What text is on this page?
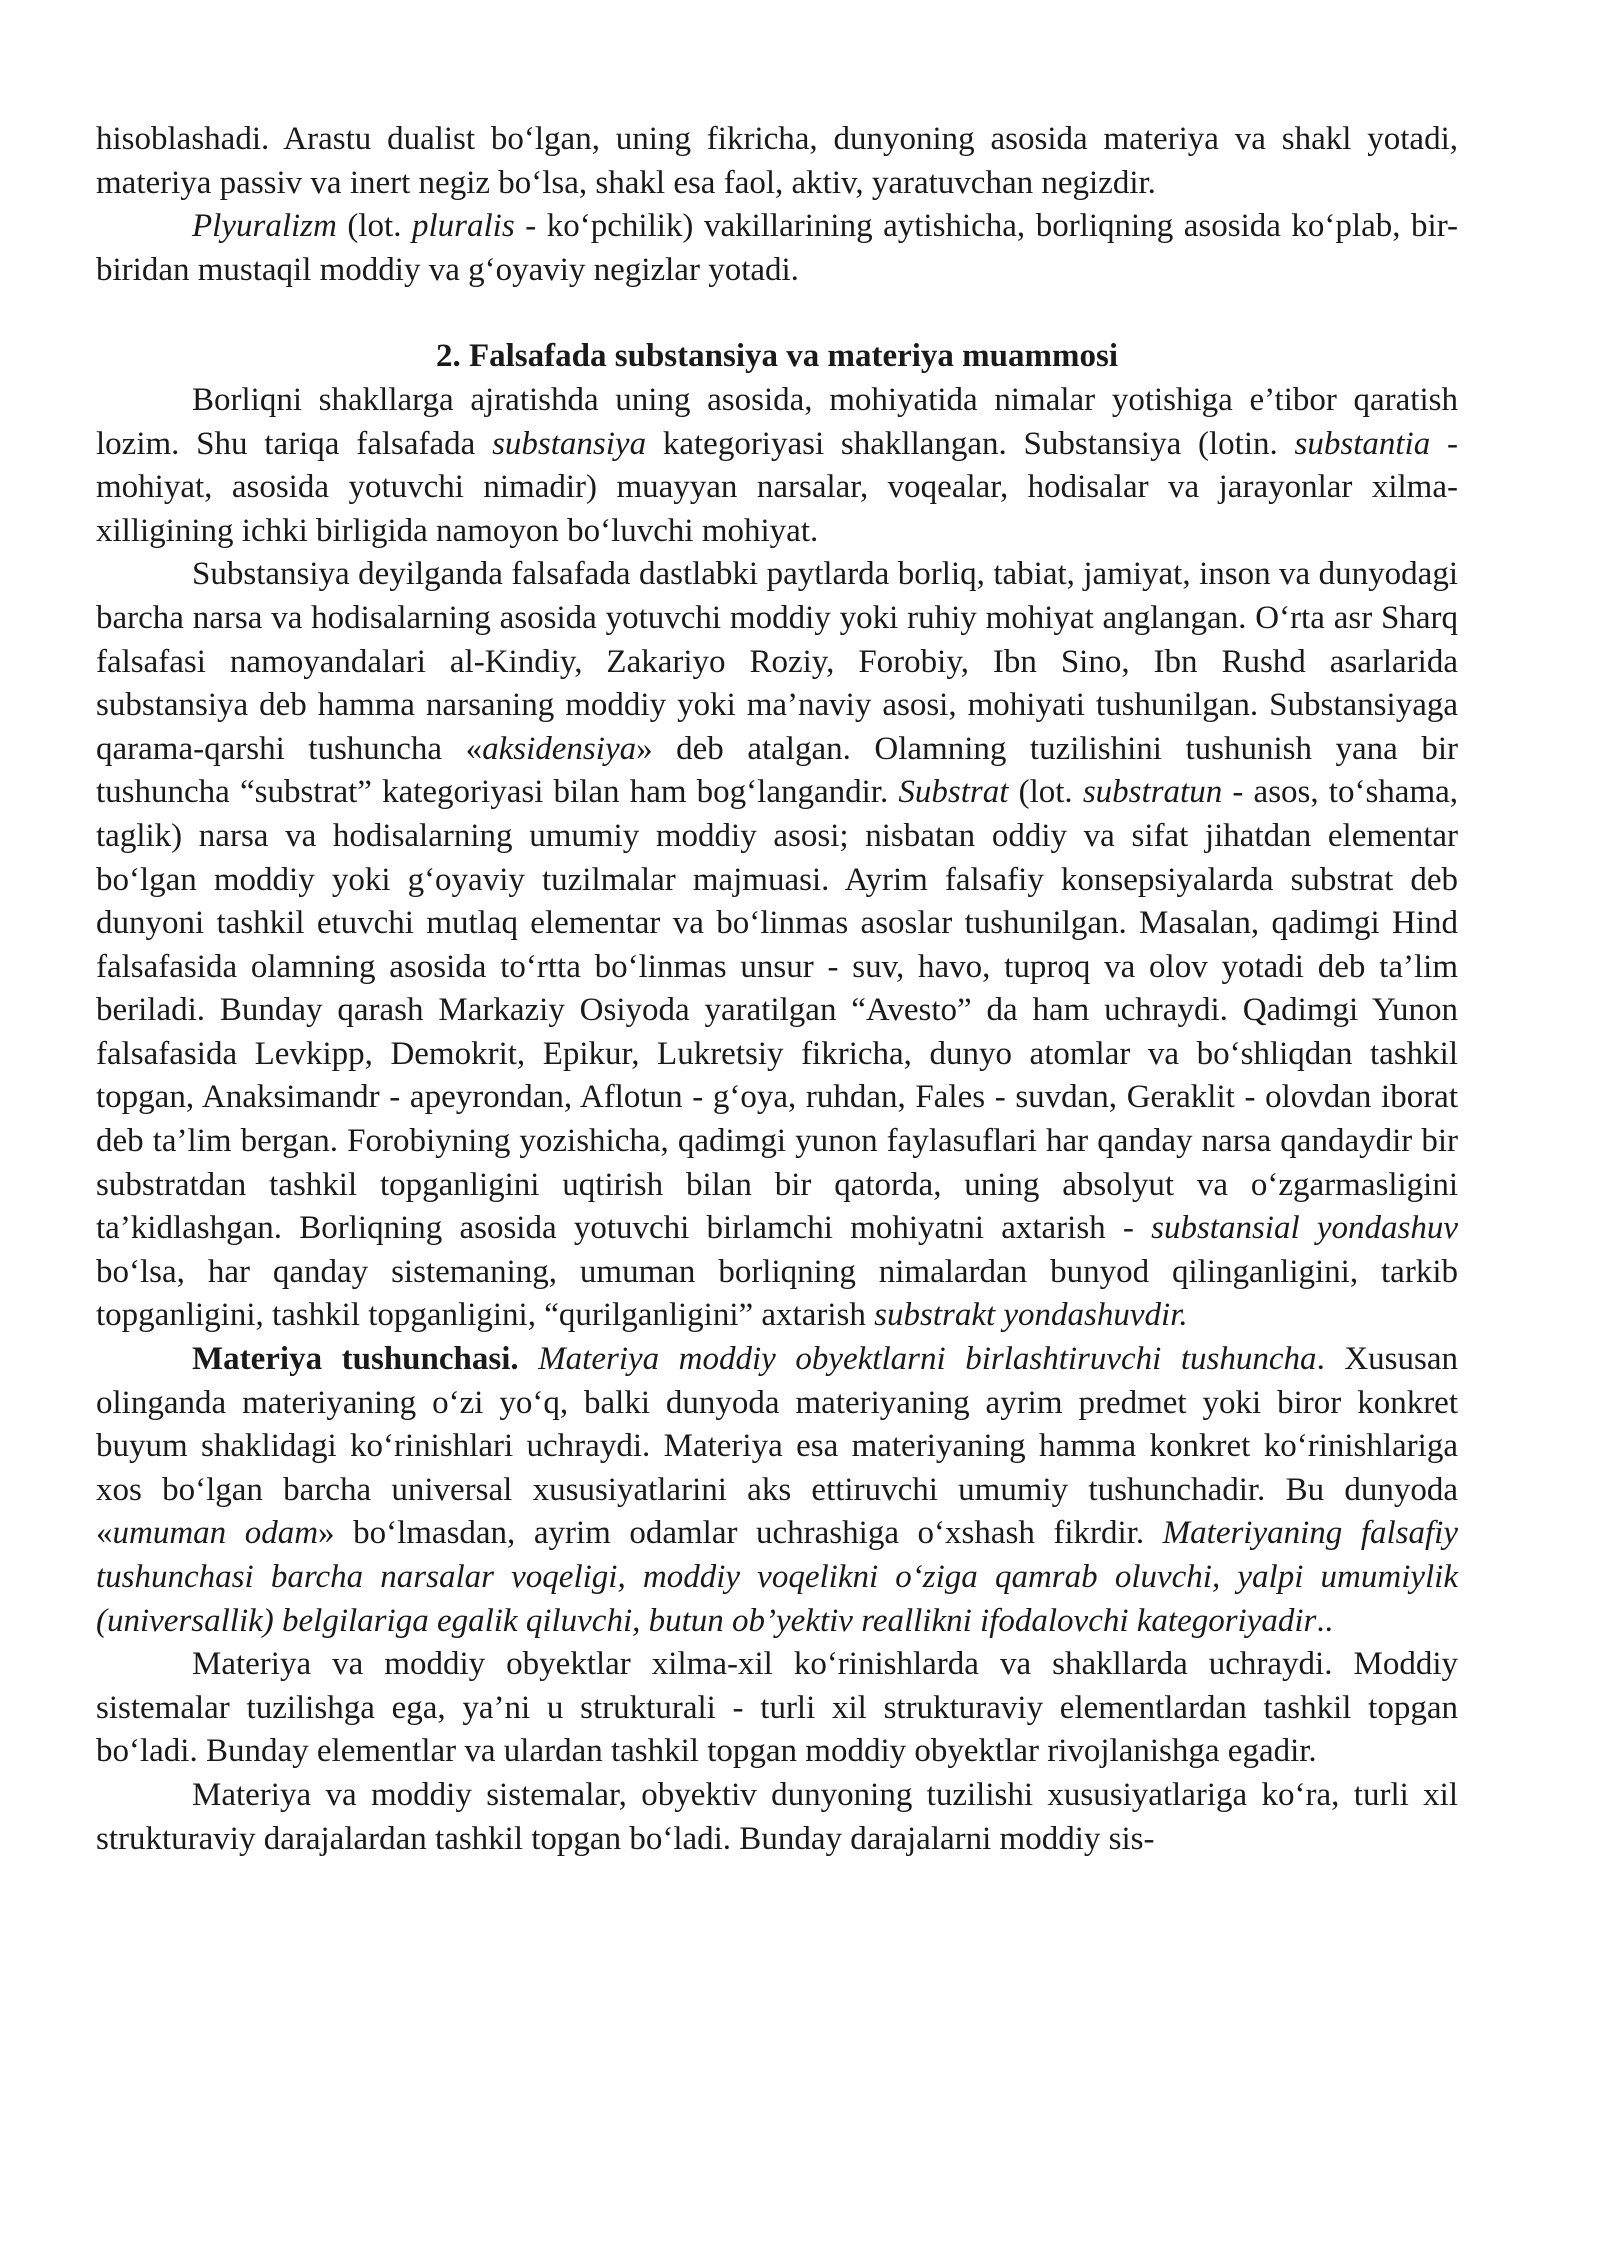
hisoblashadi. Arastu dualist bo‘lgan, uning fikricha, dunyoning asosida materiya va shakl yotadi, materiya passiv va inert negiz bo‘lsa, shakl esa faol, aktiv, yaratuvchan negizdir.

Plyuralizm (lot. pluralis - ko‘pchilik) vakillarining aytishicha, borliqning asosida ko‘plab, bir-biridan mustaqil moddiy va g‘oyaviy negizlar yotadi.

2. Falsafada substansiya va materiya muammosi

Borliqni shakllarga ajratishda uning asosida, mohiyatida nimalar yotishiga e’tibor qaratish lozim. Shu tariqa falsafada substansiya kategoriyasi shakllangan. Substansiya (lotin. substantia - mohiyat, asosida yotuvchi nimadir) muayyan narsalar, voqealar, hodisalar va jarayonlar xilma-xilligining ichki birligida namoyon bo‘luvchi mohiyat.

Substansiya deyilganda falsafada dastlabki paytlarda borliq, tabiat, jamiyat, inson va dunyodagi barcha narsa va hodisalarning asosida yotuvchi moddiy yoki ruhiy mohiyat anglangan. O‘rta asr Sharq falsafasi namoyandalari al-Kindiy, Zakariyo Roziy, Forobiy, Ibn Sino, Ibn Rushd asarlarida substansiya deb hamma narsaning moddiy yoki ma’naviy asosi, mohiyati tushunilgan. Substansiyaga qarama-qarshi tushuncha «aksidensiya» deb atalgan. Olamning tuzilishini tushunish yana bir tushuncha “substrat” kategoriyasi bilan ham bog‘langandir. Substrat (lot. substratun - asos, to‘shama, taglik) narsa va hodisalarning umumiy moddiy asosi; nisbatan oddiy va sifat jihatdan elementar bo‘lgan moddiy yoki g‘oyaviy tuzilmalar majmuasi. Ayrim falsafiy konsepsiyalarda substrat deb dunyoni tashkil etuvchi mutlaq elementar va bo‘linmas asoslar tushunilgan. Masalan, qadimgi Hind falsafasida olamning asosida to‘rtta bo‘linmas unsur - suv, havo, tuproq va olov yotadi deb ta’lim beriladi. Bunday qarash Markaziy Osiyoda yaratilgan “Avesto” da ham uchraydi. Qadimgi Yunon falsafasida Levkipp, Demokrit, Epikur, Lukretsiy fikricha, dunyo atomlar va bo‘shliqdan tashkil topgan, Anaksimandr - apeyrondan, Aflotun - g‘oya, ruhdan, Fales - suvdan, Geraklit - olovdan iborat deb ta’lim bergan. Forobiyning yozishicha, qadimgi yunon faylasuflari har qanday narsa qandaydir bir substratdan tashkil topganligini uqtirish bilan bir qatorda, uning absolyut va o‘zgarmasligini ta’kidlashgan. Borliqning asosida yotuvchi birlamchi mohiyatni axtarish - substansial yondashuv bo‘lsa, har qanday sistemaning, umuman borliqning nimalardan bunyod qilinganligini, tarkib topganligini, tashkil topganligini, “qurilganligini” axtarish substrakt yondashuvdir.

Materiya tushunchasi. Materiya moddiy obyektlarni birlashtiruvchi tushuncha. Xususan olinganda materiyaning o‘zi yo‘q, balki dunyoda materiyaning ayrim predmet yoki biror konkret buyum shaklidagi ko‘rinishlari uchraydi. Materiya esa materiyaning hamma konkret ko‘rinishlariga xos bo‘lgan barcha universal xususiyatlarini aks ettiruvchi umumiy tushunchadir. Bu dunyoda «umuman odam» bo‘lmasdan, ayrim odamlar uchrashiga o‘xshash fikrdir. Materiyaning falsafiy tushunchasi barcha narsalar voqeligi, moddiy voqelikni o‘ziga qamrab oluvchi, yalpi umumiylik (universallik) belgilariga egalik qiluvchi, butun ob’yektiv reallikni ifodalovchi kategoriyadir..

Materiya va moddiy obyektlar xilma-xil ko‘rinishlarda va shakllarda uchraydi. Moddiy sistemalar tuzilishga ega, ya’ni u strukturali - turli xil strukturaviy elementlardan tashkil topgan bo‘ladi. Bunday elementlar va ulardan tashkil topgan moddiy obyektlar rivojlanishga egadir.

Materiya va moddiy sistemalar, obyektiv dunyoning tuzilishi xususiyatlariga ko‘ra, turli xil strukturaviy darajalardan tashkil topgan bo‘ladi. Bunday darajalarni moddiy sis-
